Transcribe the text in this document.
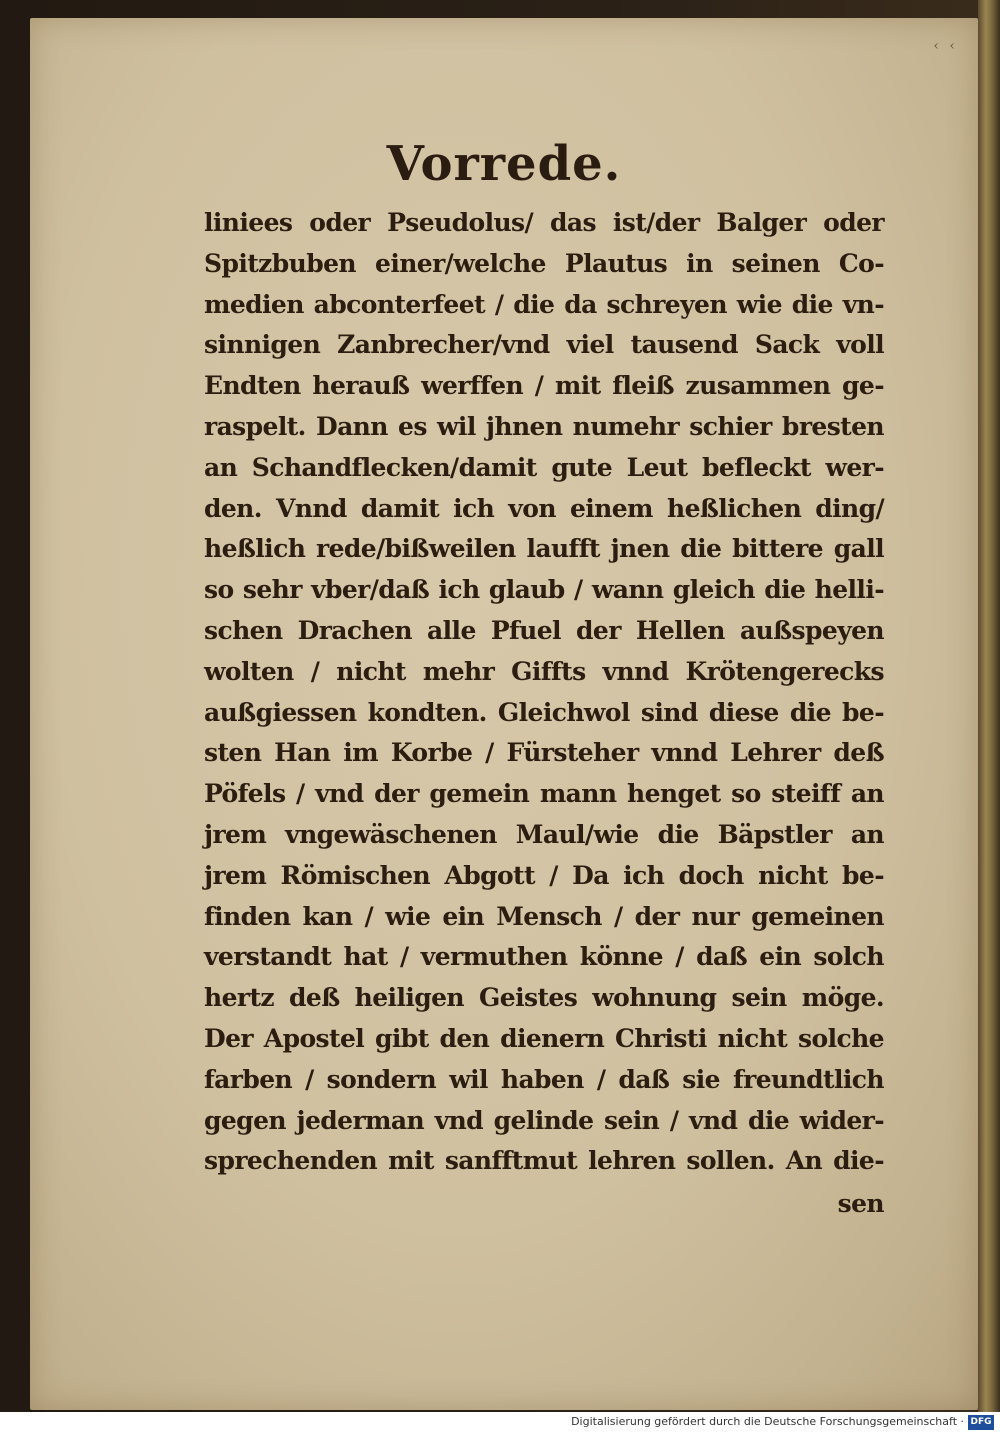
‹ ‹
Vorrede.
liniees oder Pseudolus/ das ist/der Balger oder
Spitzbuben einer/welche Plautus in seinen Co-
medien abconterfeet / die da schreyen wie die vn-
sinnigen Zanbrecher/vnd viel tausend Sack voll
Endten herauß werffen / mit fleiß zusammen ge-
raspelt. Dann es wil jhnen numehr schier bresten
an Schandflecken/damit gute Leut befleckt wer-
den. Vnnd damit ich von einem heßlichen ding/
heßlich rede/bißweilen laufft jnen die bittere gall
so sehr vber/daß ich glaub / wann gleich die helli-
schen Drachen alle Pfuel der Hellen außspeyen
wolten / nicht mehr Giffts vnnd Krötengerecks
außgiessen kondten. Gleichwol sind diese die be-
sten Han im Korbe / Fürsteher vnnd Lehrer deß
Pöfels / vnd der gemein mann henget so steiff an
jrem vngewäschenen Maul/wie die Bäpstler an
jrem Römischen Abgott / Da ich doch nicht be-
finden kan / wie ein Mensch / der nur gemeinen
verstandt hat / vermuthen könne / daß ein solch
hertz deß heiligen Geistes wohnung sein möge.
Der Apostel gibt den dienern Christi nicht solche
farben / sondern wil haben / daß sie freundtlich
gegen jederman vnd gelinde sein / vnd die wider-
sprechenden mit sanfftmut lehren sollen. An die-
sen
Digitalisierung gefördert durch die Deutsche Forschungsgemeinschaft · DFG
